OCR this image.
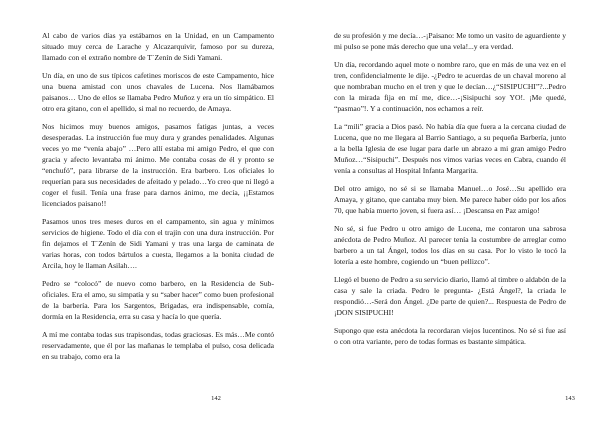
Al cabo de varios días ya estábamos en la Unidad, en un Campamento situado muy cerca de Larache y Alcazarquivir, famoso por su dureza, llamado con el extraño nombre de T´Zenín de Sidi Yamani.

Un día, en uno de sus típicos cafetines moriscos de este Campamento, hice una buena amistad con unos chavales de Lucena. Nos llamábamos paisanos… Uno de ellos se llamaba Pedro Muñoz y era un tío simpático. El otro era gitano, con el apellido, si mal no recuerdo, de Amaya.

Nos hicimos muy buenos amigos, pasamos fatigas juntas, a veces desesperadas. La instrucción fue muy dura y grandes penalidades. Algunas veces yo me “venía abajo” …Pero allí estaba mi amigo Pedro, el que con gracia y afecto levantaba mi ánimo. Me contaba cosas de él y pronto se “enchufó”, para librarse de la instrucción. Era barbero. Los oficiales lo requerían para sus necesidades de afeitado y pelado…Yo creo que ni llegó a coger el fusil. Tenía una frase para darnos ánimo, me decía, ¡¡Estamos licenciados paisano!!

Pasamos unos tres meses duros en el campamento, sin agua y mínimos servicios de higiene. Todo el día con el trajín con una dura instrucción. Por fin dejamos el T´Zenín de Sidi Yamani y tras una larga de caminata de varias horas, con todos bártulos a cuesta, llegamos a la bonita ciudad de Arcila, hoy le llaman Asilah….

Pedro se “colocó” de nuevo como barbero, en la Residencia de Sub-oficiales. Era el amo, su simpatía y su “saber hacer” como buen profesional de la barbería. Para los Sargentos, Brigadas, era indispensable, comía, dormía en la Residencia, erra su casa y hacía lo que quería.

A mí me contaba todas sus trapisondas, todas graciosas. Es más…Me contó reservadamente, que él por las mañanas le templaba el pulso, cosa delicada en su trabajo, como era la

142

de su profesión y me decía…-¡Paisano: Me tomo un vasito de aguardiente y mi pulso se pone más derecho que una vela!...y era verdad.

Un día, recordando aquel mote o nombre raro, que en más de una vez en el tren, confidencialmente le dije. -¿Pedro te acuerdas de un chaval moreno al que nombraban mucho en el tren y que le decían…¿“SISIPUCHI”?...Pedro con la mirada fija en mí me, dice…-¡Sisipuchi soy YO!. ¡Me quedé, “pasmao”!. Y a continuación, nos echamos a reír.

La “mili” gracia a Dios pasó. No había día que fuera a la cercana ciudad de Lucena, que no me llegara al Barrio Santiago, a su pequeña Barbería, junto a la bella Iglesia de ese lugar para darle un abrazo a mi gran amigo Pedro Muñoz…“Sisipuchi”. Después nos vimos varias veces en Cabra, cuando él venía a consultas al Hospital Infanta Margarita.

Del otro amigo, no sé si se llamaba Manuel…o José…Su apellido era Amaya, y gitano, que cantaba muy bien. Me parece haber oído por los años 70, que había muerto joven, si fuera así… ¡Descansa en Paz amigo!

No sé, si fue Pedro u otro amigo de Lucena, me contaron una sabrosa anécdota de Pedro Muñoz. Al parecer tenía la costumbre de arreglar como barbero a un tal Ángel, todos los días en su casa. Por lo visto le tocó la lotería a este hombre, cogiendo un “buen pellizco”.

Llegó el bueno de Pedro a su servicio diario, llamó al timbre o aldabón de la casa y sale la criada. Pedro le pregunta- ¿Está Ángel?, la criada le respondió…-Será don Ángel. ¿De parte de quien?... Respuesta de Pedro de ¡DON SISIPUCHI!

Supongo que esta anécdota la recordaran viejos lucentinos. No sé si fue así o con otra variante, pero de todas formas es bastante simpática.

143
